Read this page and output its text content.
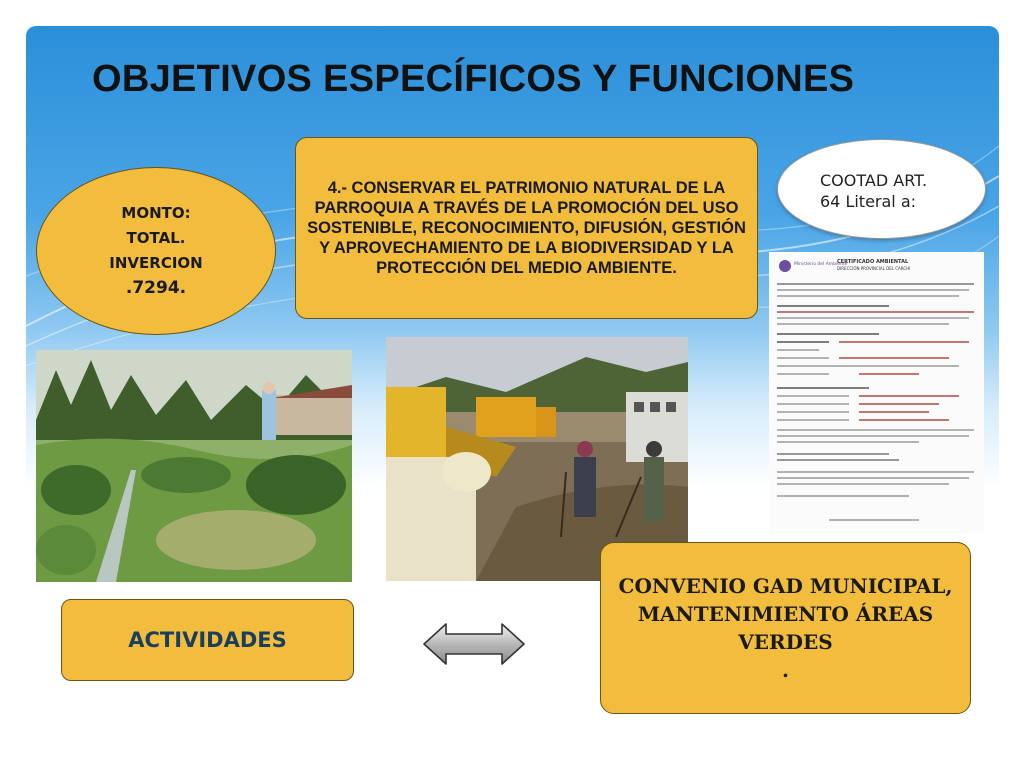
OBJETIVOS ESPECÍFICOS Y FUNCIONES
MONTO:
TOTAL.
INVERCION
.7294.
4.- CONSERVAR EL PATRIMONIO NATURAL DE LA PARROQUIA A TRAVÉS DE LA PROMOCIÓN DEL USO SOSTENIBLE, RECONOCIMIENTO, DIFUSIÓN, GESTIÓN Y APROVECHAMIENTO DE LA BIODIVERSIDAD Y LA PROTECCIÓN DEL MEDIO AMBIENTE.
COOTAD ART.
64 Literal a:
Ministerio del Ambiente
CERTIFICADO AMBIENTAL
DIRECCIÓN PROVINCIAL DEL CARCHI
ACTIVIDADES
CONVENIO GAD MUNICIPAL,
MANTENIMIENTO ÁREAS
VERDES
.
